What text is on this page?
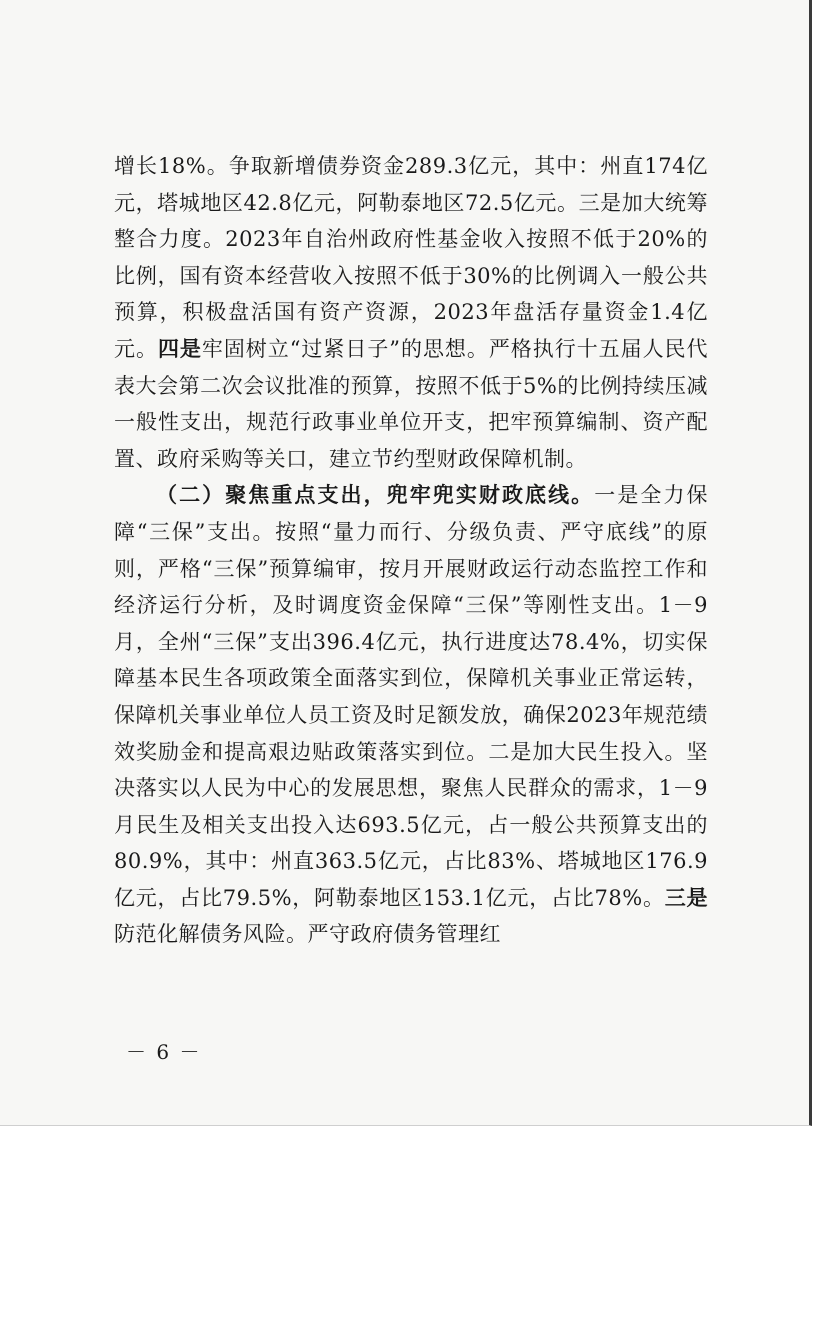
增长18%。争取新增债券资金289.3亿元，其中：州直174亿元，塔城地区42.8亿元，阿勒泰地区72.5亿元。三是加大统筹整合力度。2023年自治州政府性基金收入按照不低于20%的比例，国有资本经营收入按照不低于30%的比例调入一般公共预算，积极盘活国有资产资源，2023年盘活存量资金1.4亿元。四是牢固树立“过紧日子”的思想。严格执行十五届人民代表大会第二次会议批准的预算，按照不低于5%的比例持续压减一般性支出，规范行政事业单位开支，把牢预算编制、资产配置、政府采购等关口，建立节约型财政保障机制。

（二）聚焦重点支出，兜牢兜实财政底线。一是全力保障“三保”支出。按照“量力而行、分级负责、严守底线”的原则，严格“三保”预算编审，按月开展财政运行动态监控工作和经济运行分析，及时调度资金保障“三保”等刚性支出。1－9月，全州“三保”支出396.4亿元，执行进度达78.4%，切实保障基本民生各项政策全面落实到位，保障机关事业正常运转，保障机关事业单位人员工资及时足额发放，确保2023年规范绩效奖励金和提高艰边贴政策落实到位。二是加大民生投入。坚决落实以人民为中心的发展思想，聚焦人民群众的需求，1－9月民生及相关支出投入达693.5亿元，占一般公共预算支出的80.9%，其中：州直363.5亿元，占比83%、塔城地区176.9亿元，占比79.5%，阿勒泰地区153.1亿元，占比78%。三是防范化解债务风险。严守政府债务管理红

－ 6 －
